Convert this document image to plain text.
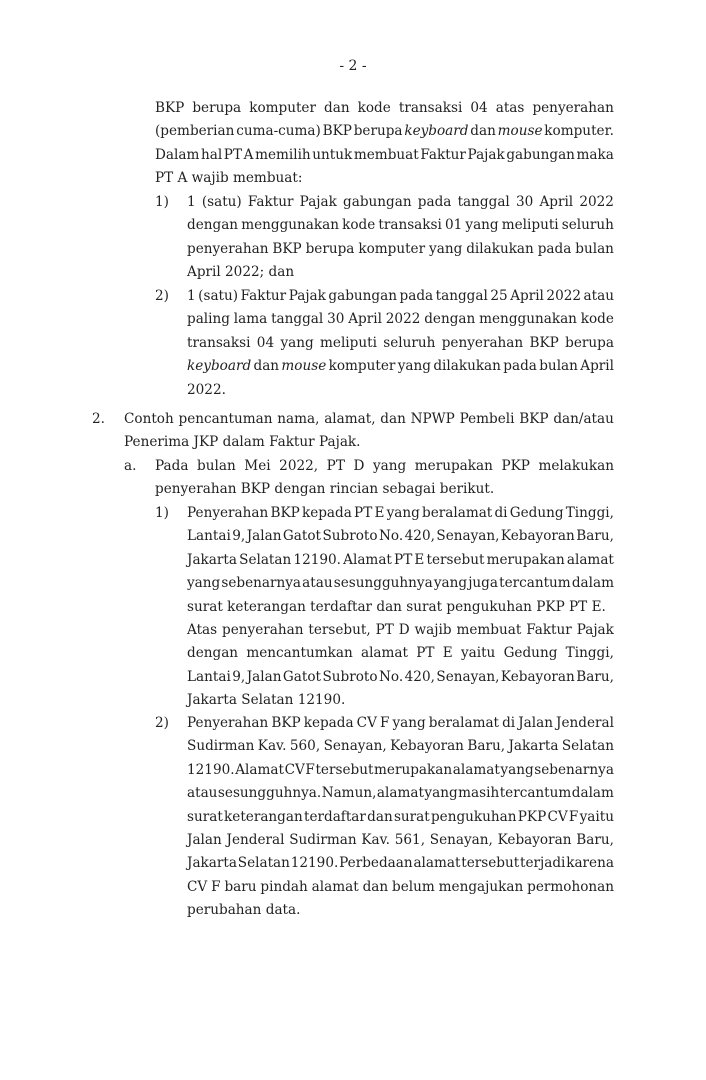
- 2 -
BKP berupa komputer dan kode transaksi 04 atas penyerahan
(pemberian cuma-cuma) BKP berupa keyboard dan mouse komputer.
Dalam hal PT A memilih untuk membuat Faktur Pajak gabungan maka
PT A wajib membuat:
1) 1 (satu) Faktur Pajak gabungan pada tanggal 30 April 2022
dengan menggunakan kode transaksi 01 yang meliputi seluruh
penyerahan BKP berupa komputer yang dilakukan pada bulan
April 2022; dan
2) 1 (satu) Faktur Pajak gabungan pada tanggal 25 April 2022 atau
paling lama tanggal 30 April 2022 dengan menggunakan kode
transaksi 04 yang meliputi seluruh penyerahan BKP berupa
keyboard dan mouse komputer yang dilakukan pada bulan April
2022.
2. Contoh pencantuman nama, alamat, dan NPWP Pembeli BKP dan/atau
Penerima JKP dalam Faktur Pajak.
a. Pada bulan Mei 2022, PT D yang merupakan PKP melakukan
penyerahan BKP dengan rincian sebagai berikut.
1) Penyerahan BKP kepada PT E yang beralamat di Gedung Tinggi,
Lantai 9, Jalan Gatot Subroto No. 420, Senayan, Kebayoran Baru,
Jakarta Selatan 12190. Alamat PT E tersebut merupakan alamat
yang sebenarnya atau sesungguhnya yang juga tercantum dalam
surat keterangan terdaftar dan surat pengukuhan PKP PT E.
Atas penyerahan tersebut, PT D wajib membuat Faktur Pajak
dengan mencantumkan alamat PT E yaitu Gedung Tinggi,
Lantai 9, Jalan Gatot Subroto No. 420, Senayan, Kebayoran Baru,
Jakarta Selatan 12190.
2) Penyerahan BKP kepada CV F yang beralamat di Jalan Jenderal
Sudirman Kav. 560, Senayan, Kebayoran Baru, Jakarta Selatan
12190. Alamat CV F tersebut merupakan alamat yang sebenarnya
atau sesungguhnya. Namun, alamat yang masih tercantum dalam
surat keterangan terdaftar dan surat pengukuhan PKP CV F yaitu
Jalan Jenderal Sudirman Kav. 561, Senayan, Kebayoran Baru,
Jakarta Selatan 12190. Perbedaan alamat tersebut terjadi karena
CV F baru pindah alamat dan belum mengajukan permohonan
perubahan data.
